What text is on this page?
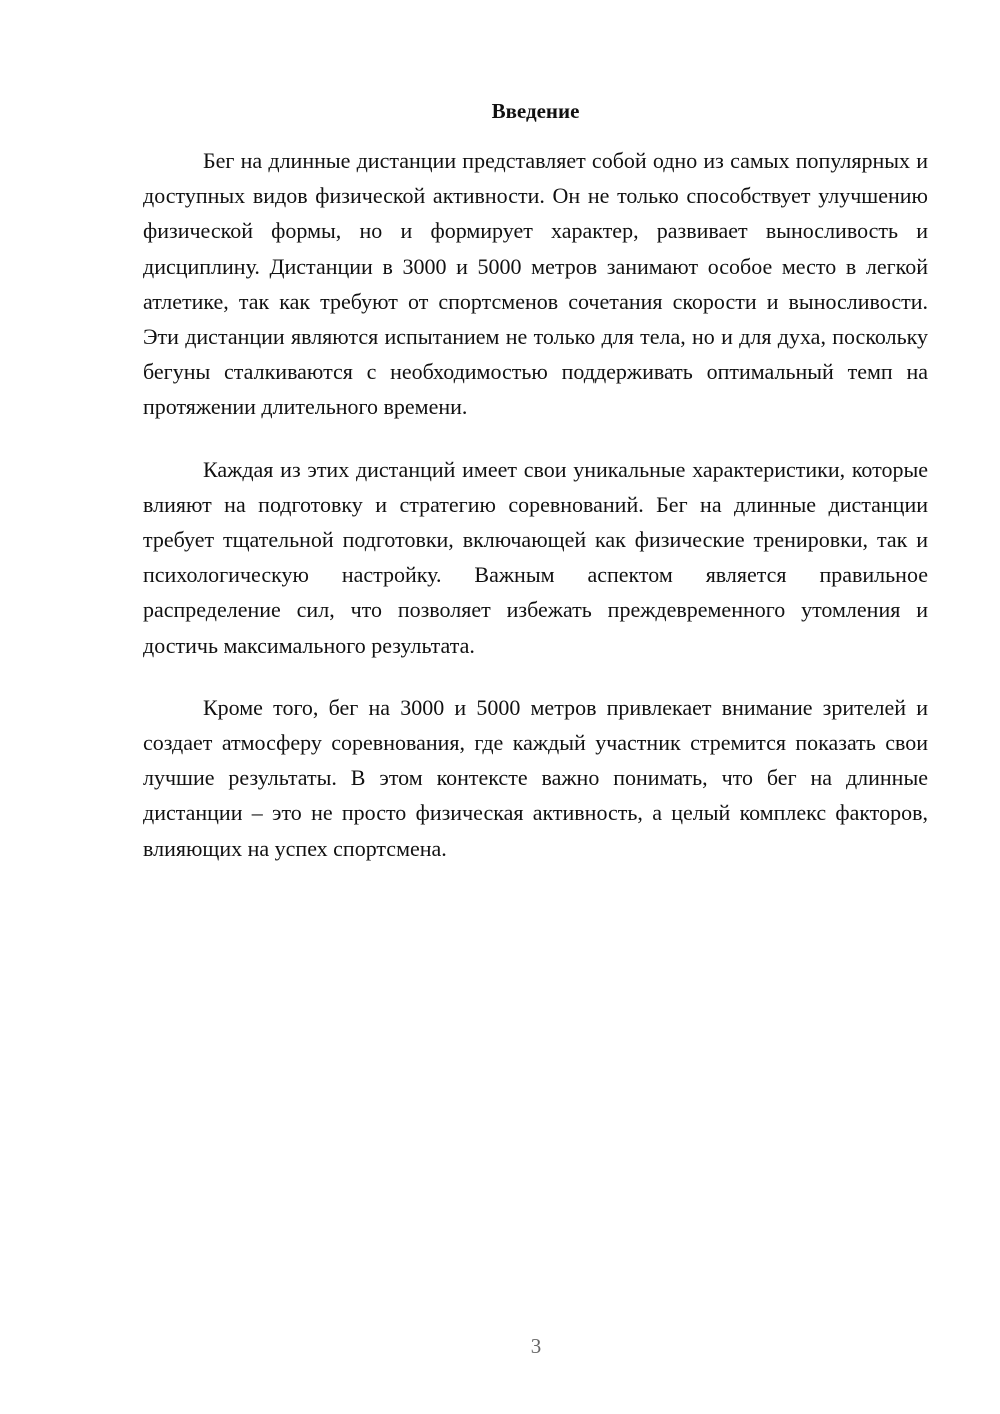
Введение

Бег на длинные дистанции представляет собой одно из самых популярных и доступных видов физической активности. Он не только способствует улучшению физической формы, но и формирует характер, развивает выносливость и дисциплину. Дистанции в 3000 и 5000 метров занимают особое место в легкой атлетике, так как требуют от спортсменов сочетания скорости и выносливости. Эти дистанции являются испытанием не только для тела, но и для духа, поскольку бегуны сталкиваются с необходимостью поддерживать оптимальный темп на протяжении длительного времени.

Каждая из этих дистанций имеет свои уникальные характеристики, которые влияют на подготовку и стратегию соревнований. Бег на длинные дистанции требует тщательной подготовки, включающей как физические тренировки, так и психологическую настройку. Важным аспектом является правильное распределение сил, что позволяет избежать преждевременного утомления и достичь максимального результата.

Кроме того, бег на 3000 и 5000 метров привлекает внимание зрителей и создает атмосферу соревнования, где каждый участник стремится показать свои лучшие результаты. В этом контексте важно понимать, что бег на длинные дистанции – это не просто физическая активность, а целый комплекс факторов, влияющих на успех спортсмена.

3
